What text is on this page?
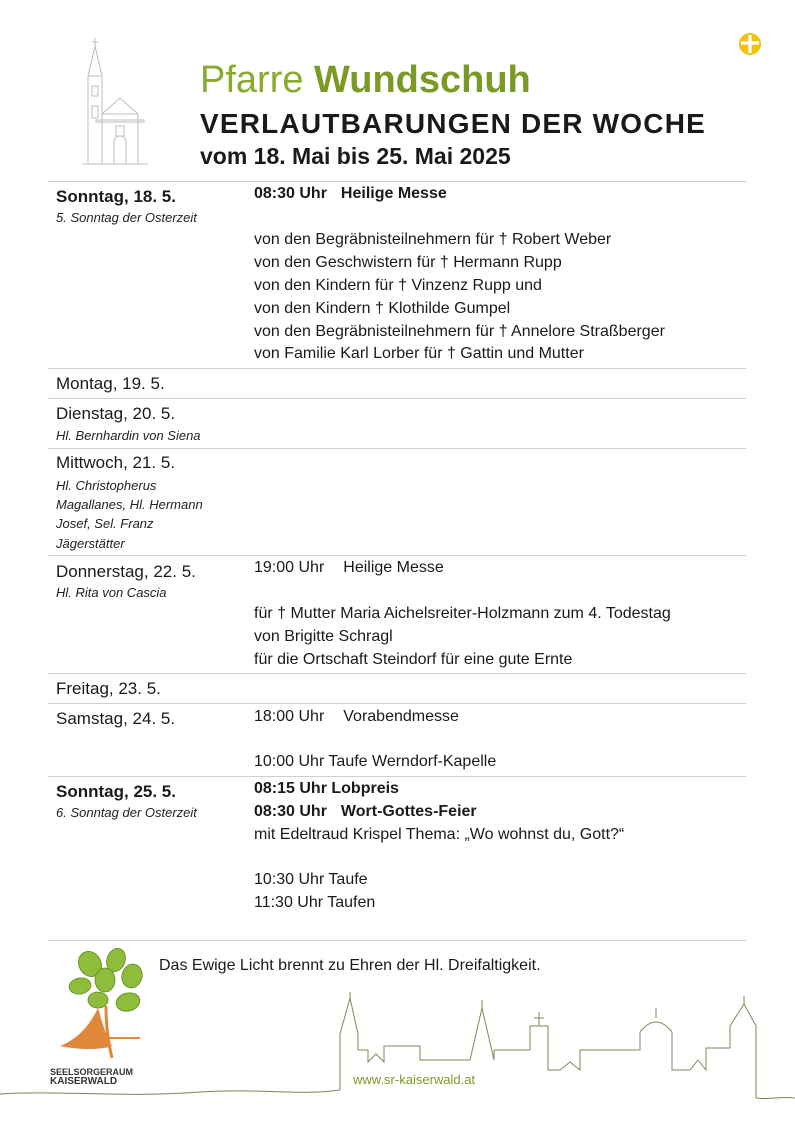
Pfarre Wundschuh
VERLAUTBARUNGEN DER WOCHE
vom 18. Mai bis 25. Mai 2025
Sonntag, 18. 5.
5. Sonntag der Osterzeit
08:30 Uhr Heilige Messe
von den Begräbnisteilnehmern für † Robert Weber
von den Geschwistern für † Hermann Rupp
von den Kindern für † Vinzenz Rupp und
von den Kindern † Klothilde Gumpel
von den Begräbnisteilnehmern für † Annelore Straßberger
von Familie Karl Lorber für † Gattin und Mutter
Montag, 19. 5.
Dienstag, 20. 5.
Hl. Bernhardin von Siena
Mittwoch, 21. 5.
Hl. Christopherus
Magallanes, Hl. Hermann
Josef, Sel. Franz
Jägerstätter
Donnerstag, 22. 5.
Hl. Rita von Cascia
19:00 Uhr Heilige Messe
für † Mutter Maria Aichelsreiter-Holzmann zum 4. Todestag
von Brigitte Schragl
für die Ortschaft Steindorf für eine gute Ernte
Freitag, 23. 5.
Samstag, 24. 5.	18:00 Uhr Vorabendmesse
10:00 Uhr Taufe Werndorf-Kapelle
Sonntag, 25. 5.
6. Sonntag der Osterzeit
08:15 Uhr Lobpreis
08:30 Uhr Wort-Gottes-Feier
mit Edeltraud Krispel Thema: „Wo wohnst du, Gott?“
10:30 Uhr Taufe
11:30 Uhr Taufen
Das Ewige Licht brennt zu Ehren der Hl. Dreifaltigkeit.
SEELSORGERAUM
KAISERWALD	www.sr-kaiserwald.at
